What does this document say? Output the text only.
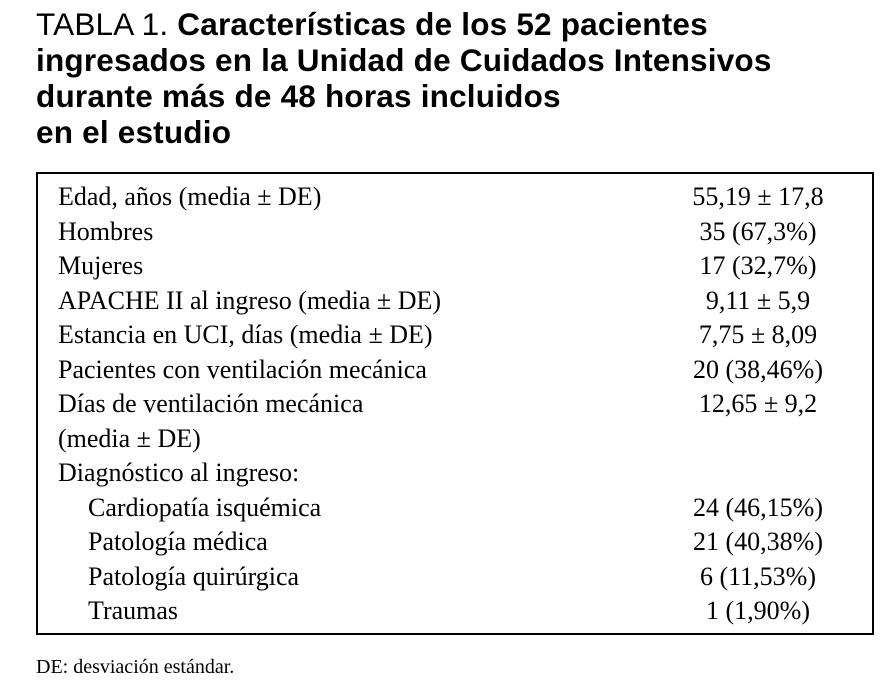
TABLA 1. Características de los 52 pacientes
ingresados en la Unidad de Cuidados Intensivos
durante más de 48 horas incluidos
en el estudio
Edad, años (media ± DE)	55,19 ± 17,8
Hombres	35 (67,3%)
Mujeres	17 (32,7%)
APACHE II al ingreso (media ± DE)	9,11 ± 5,9
Estancia en UCI, días (media ± DE)	7,75 ± 8,09
Pacientes con ventilación mecánica	20 (38,46%)
Días de ventilación mecánica	12,65 ± 9,2
(media ± DE)
Diagnóstico al ingreso:
Cardiopatía isquémica	24 (46,15%)
Patología médica	21 (40,38%)
Patología quirúrgica	6 (11,53%)
Traumas	1 (1,90%)
DE: desviación estándar.
